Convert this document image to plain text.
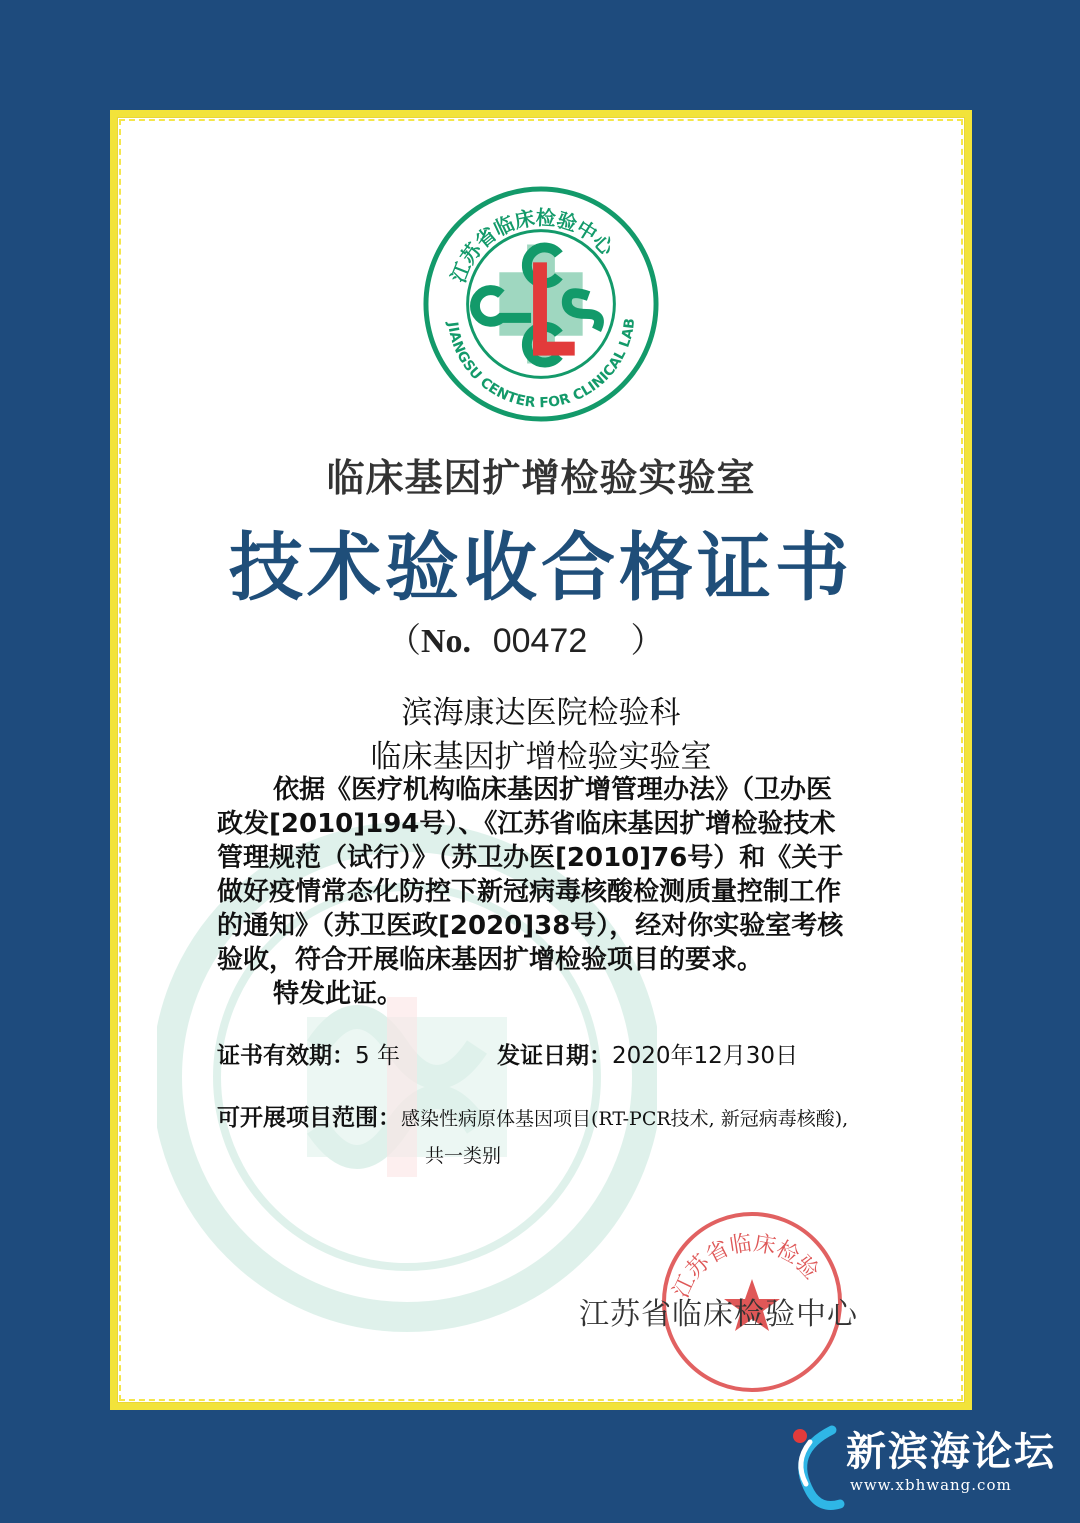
江苏省临床检验中心
JIANGSU CENTER FOR CLINICAL LAB
临床基因扩增检验实验室
技术验收合格证书
（No. 00472 ）
滨海康达医院检验科
临床基因扩增检验实验室
依据《医疗机构临床基因扩增管理办法》（卫办医
政发[2010]194号）、《江苏省临床基因扩增检验技术
管理规范（试行）》（苏卫办医[2010]76号）和《关于
做好疫情常态化防控下新冠病毒核酸检测质量控制工作
的通知》（苏卫医政[2020]38号），经对你实验室考核
验收，符合开展临床基因扩增检验项目的要求。
特发此证。
证书有效期：5 年	发证日期：2020年12月30日
可开展项目范围：感染性病原体基因项目(RT-PCR技术, 新冠病毒核酸),
共一类别
江苏省临床检验
江苏省临床检验中心
新滨海论坛
www.xbhwang.com
